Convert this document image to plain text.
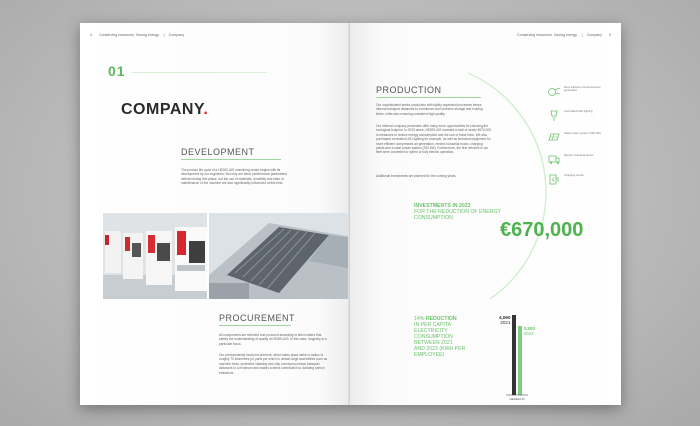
4 Conserving resources. Saving energy. | Company
01
COMPANY.
DEVELOPMENT
The product life cycle of a HEDELIUS machining centre begins with its development by our engineers: Not only are basic performance parameters defined during this phase, but the use of materials, durability and ease of maintenance of the machine are also significantly influenced at this time.
PROCUREMENT
All components are selected and procured according to strict criteria that satisfy the understanding of quality at HEDELIUS. In this case, longevity is a particular focus.
Our predominantly local procurement, which takes place within a radius of roughly 70 kilometres (or parts per which in certain large assemblies such as machine beds, protective cladding and chip conveyors) keeps transport distances to a minimum and makes a direct contribution to avoiding carbon emissions.
Conserving resources. Saving energy. | Company 5
PRODUCTION
Our sophisticated series production with tightly organised processes keeps internal transport distances to a minimum and shortens storage and holding times, while also ensuring consistent high quality.
Our internal company processes offer many more opportunities for reducing the ecological footprint. In 2023 alone, HEDELIUS invested a total of nearly €670,000 in measures to reduce energy consumption and the use of fossil fuels. We also purchased controlled LED lighting for example, as well as technical equipment for more efficient compressed air generation, electric industrial trucks, charging points and a solar power system (330 kW). Furthermore, the first vehicles in our fleet were converted to hybrid or fully electric operation.
Additional investments are planned for the coming years.
INVESTMENTS IN 2023
FOR THE REDUCTION OF ENERGY CONSUMPTION
€670,000
14% REDUCTION
IN PER CAPITA
ELECTRICITY
CONSUMPTION
BETWEEN 2021
AND 2023 (KWH PER
EMPLOYEE)
4,060
2021
3,500
2023
HEDELIUS
More efficient compressed air generation
Controlled LED lighting
Solar power system (330 kW)
Electric industrial trucks
Charging points
